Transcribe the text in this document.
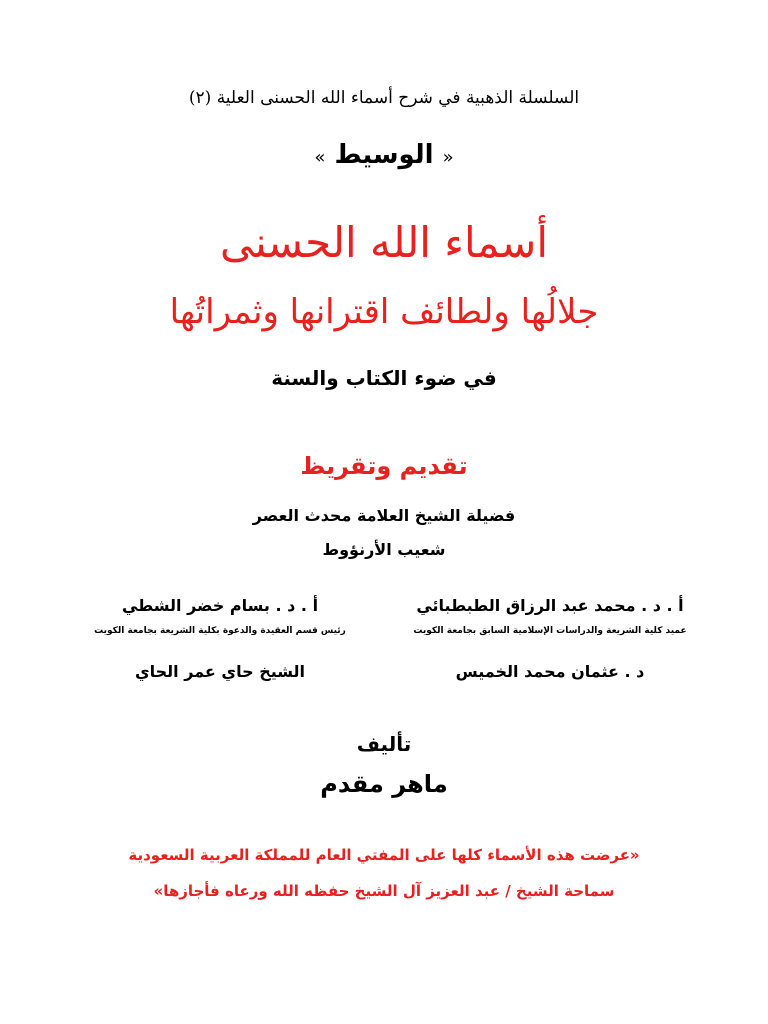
السلسلة الذهبية في شرح أسماء الله الحسنى العلية (٢)
« الوسيط »
أسماء الله الحسنى
جلالُها ولطائف اقترانها وثمراتُها
في ضوء الكتاب والسنة
تقديم وتقريظ
فضيلة الشيخ العلامة محدث العصر
شعيب الأرنؤوط
أ . د . محمد عبد الرزاق الطبطبائي
عميد كلية الشريعة والدراسات الإسلامية السابق بجامعة الكويت
أ . د . بسام خضر الشطي
رئيس قسم العقيدة والدعوة بكلية الشريعة بجامعة الكويت
د . عثمان محمد الخميس
الشيخ حاي عمر الحاي
تأليف
ماهر مقدم
«عرضت هذه الأسماء كلها على المفتي العام للمملكة العربية السعودية
سماحة الشيخ / عبد العزيز آل الشيخ حفظه الله ورعاه فأجازها»
